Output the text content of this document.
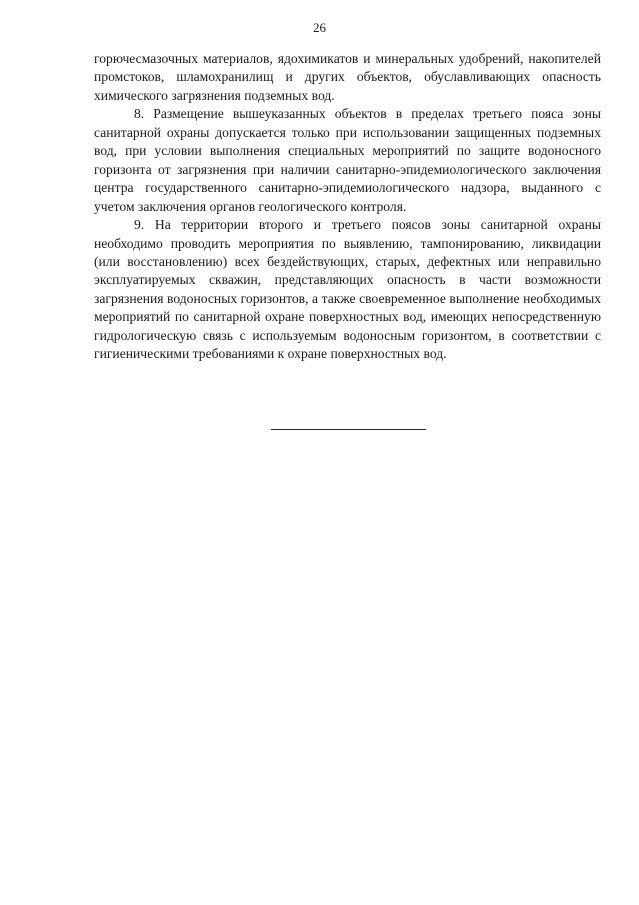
26

горючесмазочных материалов, ядохимикатов и минеральных удобрений, накопителей промстоков, шламохранилищ и других объектов, обуславливающих опасность химического загрязнения подземных вод.

8. Размещение вышеуказанных объектов в пределах третьего пояса зоны санитарной охраны допускается только при использовании защищенных подземных вод, при условии выполнения специальных мероприятий по защите водоносного горизонта от загрязнения при наличии санитарно-эпидемиологического заключения центра государственного санитарно-эпидемиологического надзора, выданного с учетом заключения органов геологического контроля.

9. На территории второго и третьего поясов зоны санитарной охраны необходимо проводить мероприятия по выявлению, тампонированию, ликвидации (или восстановлению) всех бездействующих, старых, дефектных или неправильно эксплуатируемых скважин, представляющих опасность в части возможности загрязнения водоносных горизонтов, а также своевременное выполнение необходимых мероприятий по санитарной охране поверхностных вод, имеющих непосредственную гидрологическую связь с используемым водоносным горизонтом, в соответствии с гигиеническими требованиями к охране поверхностных вод.
